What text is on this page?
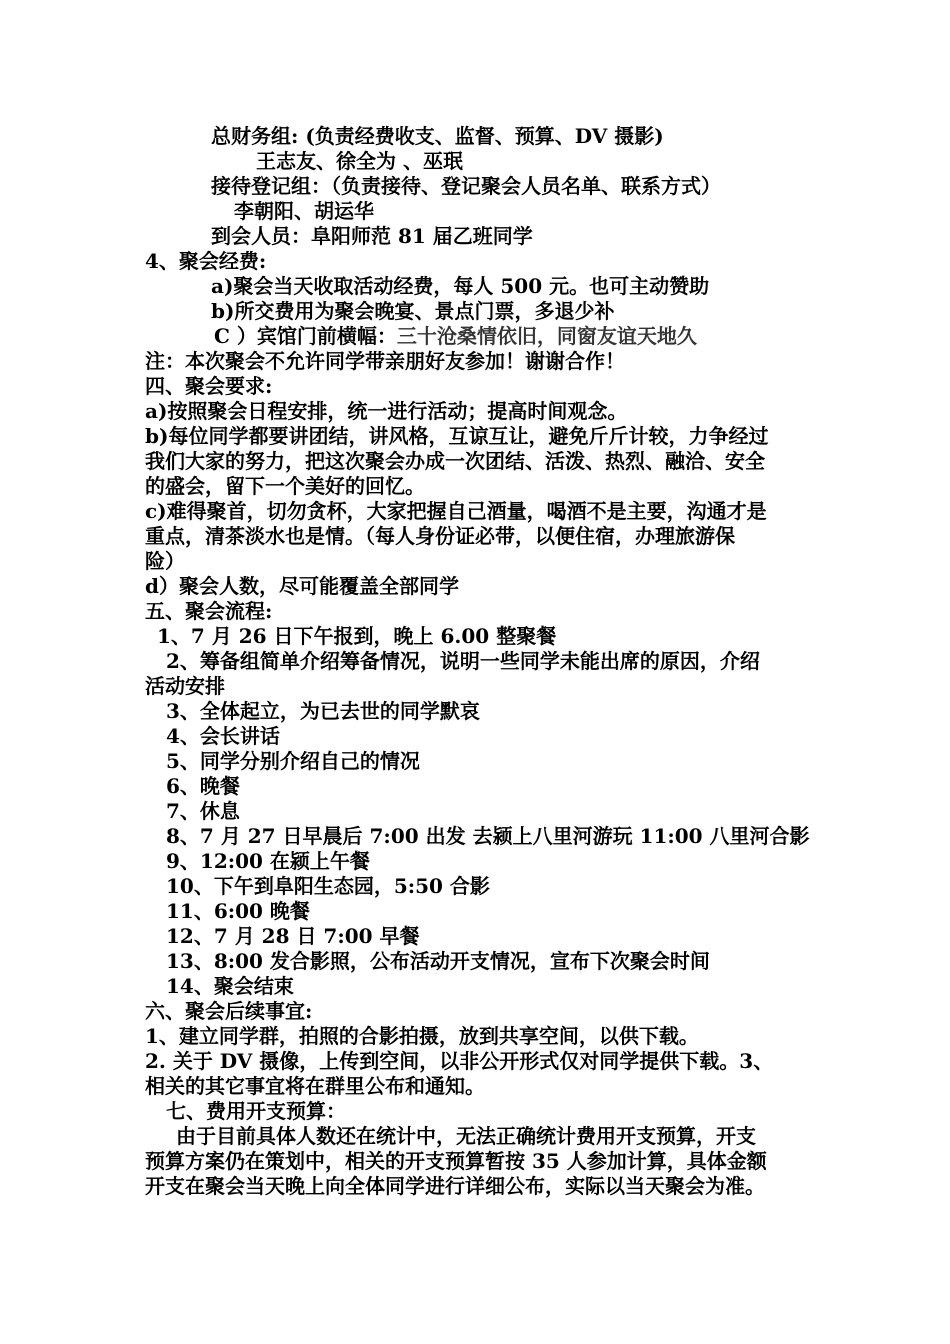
总财务组: (负责经费收支、监督、预算、DV 摄影)
王志友、徐全为 、巫珉
接待登记组：（负责接待、登记聚会人员名单、联系方式）
李朝阳、胡运华
到会人员：阜阳师范 81 届乙班同学
4、聚会经费:
a)聚会当天收取活动经费，每人 500 元。也可主动赞助
b)所交费用为聚会晚宴、景点门票，多退少补
C ）宾馆门前横幅：三十沧桑情依旧，同窗友谊天地久
注：本次聚会不允许同学带亲朋好友参加！谢谢合作！
四、聚会要求:
a)按照聚会日程安排，统一进行活动；提高时间观念。
b)每位同学都要讲团结，讲风格，互谅互让，避免斤斤计较，力争经过
我们大家的努力，把这次聚会办成一次团结、活泼、热烈、融洽、安全
的盛会，留下一个美好的回忆。
c)难得聚首，切勿贪杯，大家把握自己酒量，喝酒不是主要，沟通才是
重点，清茶淡水也是情。（每人身份证必带，以便住宿，办理旅游保
险）
d）聚会人数，尽可能覆盖全部同学
五、聚会流程:
1、7 月 26 日下午报到，晚上 6.00 整聚餐
2、筹备组简单介绍筹备情况，说明一些同学未能出席的原因，介绍
活动安排
3、全体起立，为已去世的同学默哀
4、会长讲话
5、同学分别介绍自己的情况
6、晚餐
7、休息
8、7 月 27 日早晨后 7:00 出发 去颍上八里河游玩 11:00 八里河合影
9、12:00 在颍上午餐
10、下午到阜阳生态园，5:50 合影
11、6:00 晚餐
12、7 月 28 日 7:00 早餐
13、8:00 发合影照，公布活动开支情况，宣布下次聚会时间
14、聚会结束
六、聚会后续事宜:
1、建立同学群，拍照的合影拍摄，放到共享空间，以供下载。
2. 关于 DV 摄像，上传到空间，以非公开形式仅对同学提供下载。3、
相关的其它事宜将在群里公布和通知。
七、费用开支预算：
由于目前具体人数还在统计中，无法正确统计费用开支预算，开支
预算方案仍在策划中，相关的开支预算暂按 35 人参加计算，具体金额
开支在聚会当天晚上向全体同学进行详细公布，实际以当天聚会为准。
